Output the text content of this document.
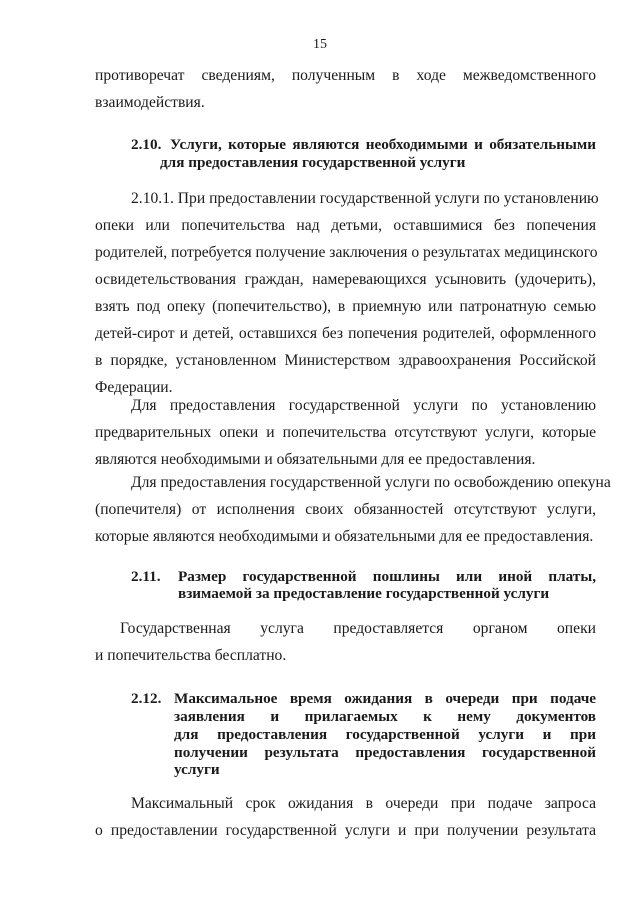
15
противоречат сведениям, полученным в ходе межведомственного
взаимодействия.
2.10. Услуги, которые являются необходимыми и обязательными
для предоставления государственной услуги
2.10.1. При предоставлении государственной услуги по установлению
опеки или попечительства над детьми, оставшимися без попечения
родителей, потребуется получение заключения о результатах медицинского
освидетельствования граждан, намеревающихся усыновить (удочерить),
взять под опеку (попечительство), в приемную или патронатную семью
детей-сирот и детей, оставшихся без попечения родителей, оформленного
в порядке, установленном Министерством здравоохранения Российской
Федерации.
Для предоставления государственной услуги по установлению
предварительных опеки и попечительства отсутствуют услуги, которые
являются необходимыми и обязательными для ее предоставления.
Для предоставления государственной услуги по освобождению опекуна
(попечителя) от исполнения своих обязанностей отсутствуют услуги,
которые являются необходимыми и обязательными для ее предоставления.
2.11. Размер государственной пошлины или иной платы,
взимаемой за предоставление государственной услуги
Государственная услуга предоставляется органом опеки
и попечительства бесплатно.
2.12. Максимальное время ожидания в очереди при подаче
заявления и прилагаемых к нему документов
для предоставления государственной услуги и при
получении результата предоставления государственной
услуги
Максимальный срок ожидания в очереди при подаче запроса
о предоставлении государственной услуги и при получении результата
